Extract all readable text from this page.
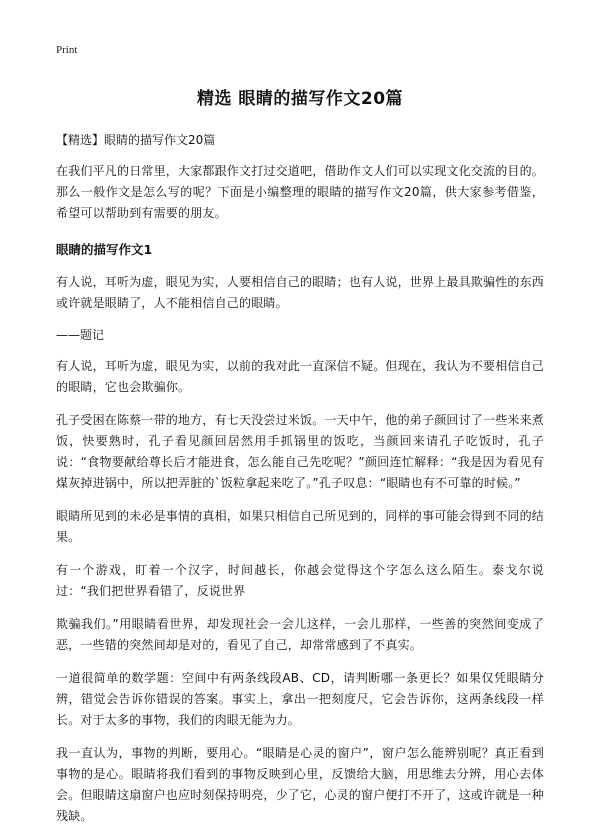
Print
精选 眼睛的描写作文20篇
【精选】眼睛的描写作文20篇

在我们平凡的日常里，大家都跟作文打过交道吧，借助作文人们可以实现文化交流的目的。那么一般作文是怎么写的呢？下面是小编整理的眼睛的描写作文20篇，供大家参考借鉴，希望可以帮助到有需要的朋友。

眼睛的描写作文1

有人说，耳听为虚，眼见为实，人要相信自己的眼睛；也有人说，世界上最具欺骗性的东西或许就是眼睛了，人不能相信自己的眼睛。

——题记

有人说，耳听为虚，眼见为实，以前的我对此一直深信不疑。但现在，我认为不要相信自己的眼睛，它也会欺骗你。

孔子受困在陈蔡一带的地方，有七天没尝过米饭。一天中午，他的弟子颜回讨了一些米来煮饭，快要熟时，孔子看见颜回居然用手抓锅里的饭吃，当颜回来请孔子吃饭时，孔子说：“食物要献给尊长后才能进食，怎么能自己先吃呢？”颜回连忙解释：“我是因为看见有煤灰掉进锅中，所以把弄脏的`饭粒拿起来吃了。”孔子叹息：“眼睛也有不可靠的时候。”

眼睛所见到的未必是事情的真相，如果只相信自己所见到的，同样的事可能会得到不同的结果。

有一个游戏，盯着一个汉字，时间越长，你越会觉得这个字怎么这么陌生。泰戈尔说过：“我们把世界看错了，反说世界

欺骗我们。”用眼睛看世界，却发现社会一会儿这样，一会儿那样，一些善的突然间变成了恶，一些错的突然间却是对的，看见了自己，却常常感到了不真实。

一道很简单的数学题：空间中有两条线段AB、CD，请判断哪一条更长？如果仅凭眼睛分辨，错觉会告诉你错误的答案。事实上，拿出一把刻度尺，它会告诉你，这两条线段一样长。对于太多的事物，我们的肉眼无能为力。

我一直认为，事物的判断，要用心。“眼睛是心灵的窗户”，窗户怎么能辨别呢？真正看到事物的是心。眼睛将我们看到的事物反映到心里，反馈给大脑，用思维去分辨，用心去体会。但眼睛这扇窗户也应时刻保持明亮，少了它，心灵的窗户便打不开了，这或许就是一种残缺。
